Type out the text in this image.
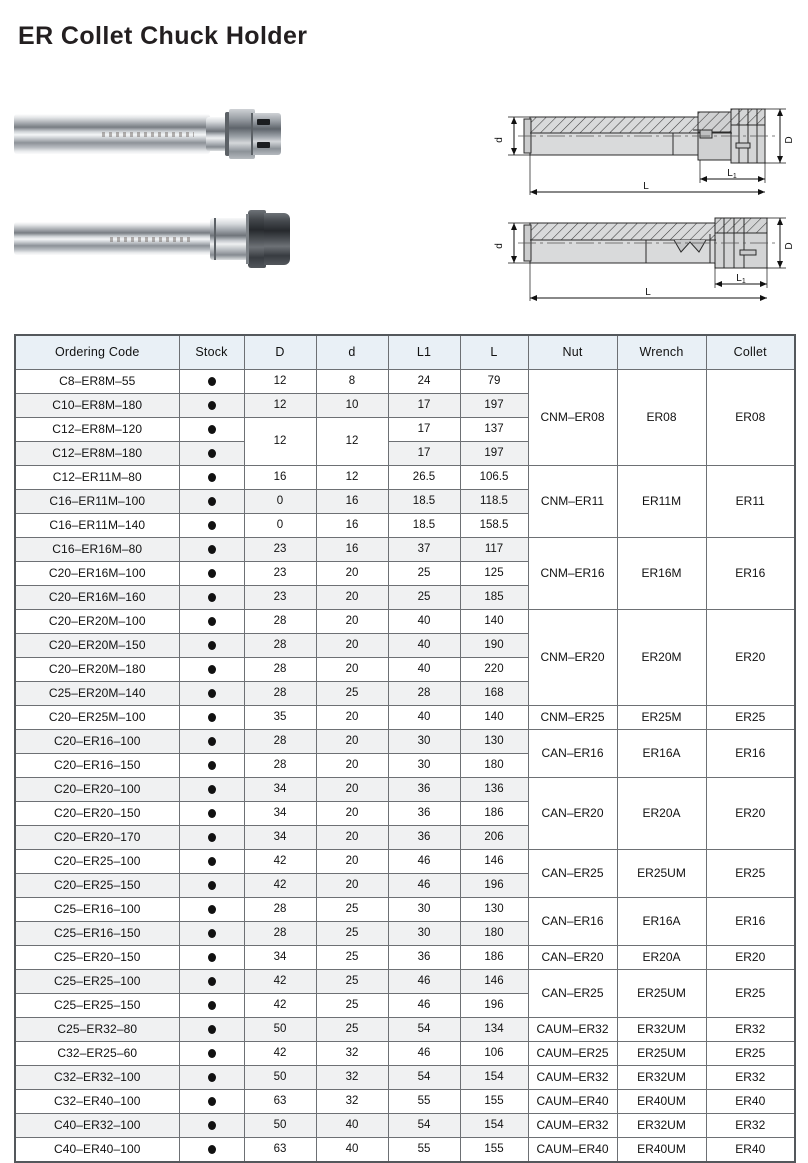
ER Collet Chuck Holder
d	D
$L_1$
L
d	D
$L_1$
L
Ordering Code	Stock	D	d	L1	L	Nut	Wrench	Collet
C8–ER8M–55		12	8	24	79	CNM–ER08	ER08	ER08
C10–ER8M–180		12	10	17	197			
C12–ER8M–120		12	12	17	137			
C12–ER8M–180				17	197			
C12–ER11M–80		16	12	26.5	106.5	CNM–ER11	ER11M	ER11
C16–ER11M–100		0	16	18.5	118.5			
C16–ER11M–140		0	16	18.5	158.5			
C16–ER16M–80		23	16	37	117	CNM–ER16	ER16M	ER16
C20–ER16M–100		23	20	25	125			
C20–ER16M–160		23	20	25	185			
C20–ER20M–100		28	20	40	140	CNM–ER20	ER20M	ER20
C20–ER20M–150		28	20	40	190			
C20–ER20M–180		28	20	40	220			
C25–ER20M–140		28	25	28	168			
C20–ER25M–100		35	20	40	140	CNM–ER25	ER25M	ER25
C20–ER16–100		28	20	30	130	CAN–ER16	ER16A	ER16
C20–ER16–150		28	20	30	180			
C20–ER20–100		34	20	36	136	CAN–ER20	ER20A	ER20
C20–ER20–150		34	20	36	186			
C20–ER20–170		34	20	36	206			
C20–ER25–100		42	20	46	146	CAN–ER25	ER25UM	ER25
C20–ER25–150		42	20	46	196			
C25–ER16–100		28	25	30	130	CAN–ER16	ER16A	ER16
C25–ER16–150		28	25	30	180			
C25–ER20–150		34	25	36	186	CAN–ER20	ER20A	ER20
C25–ER25–100		42	25	46	146	CAN–ER25	ER25UM	ER25
C25–ER25–150		42	25	46	196			
C25–ER32–80		50	25	54	134	CAUM–ER32	ER32UM	ER32
C32–ER25–60		42	32	46	106	CAUM–ER25	ER25UM	ER25
C32–ER32–100		50	32	54	154	CAUM–ER32	ER32UM	ER32
C32–ER40–100		63	32	55	155	CAUM–ER40	ER40UM	ER40
C40–ER32–100		50	40	54	154	CAUM–ER32	ER32UM	ER32
C40–ER40–100		63	40	55	155	CAUM–ER40	ER40UM	ER40
